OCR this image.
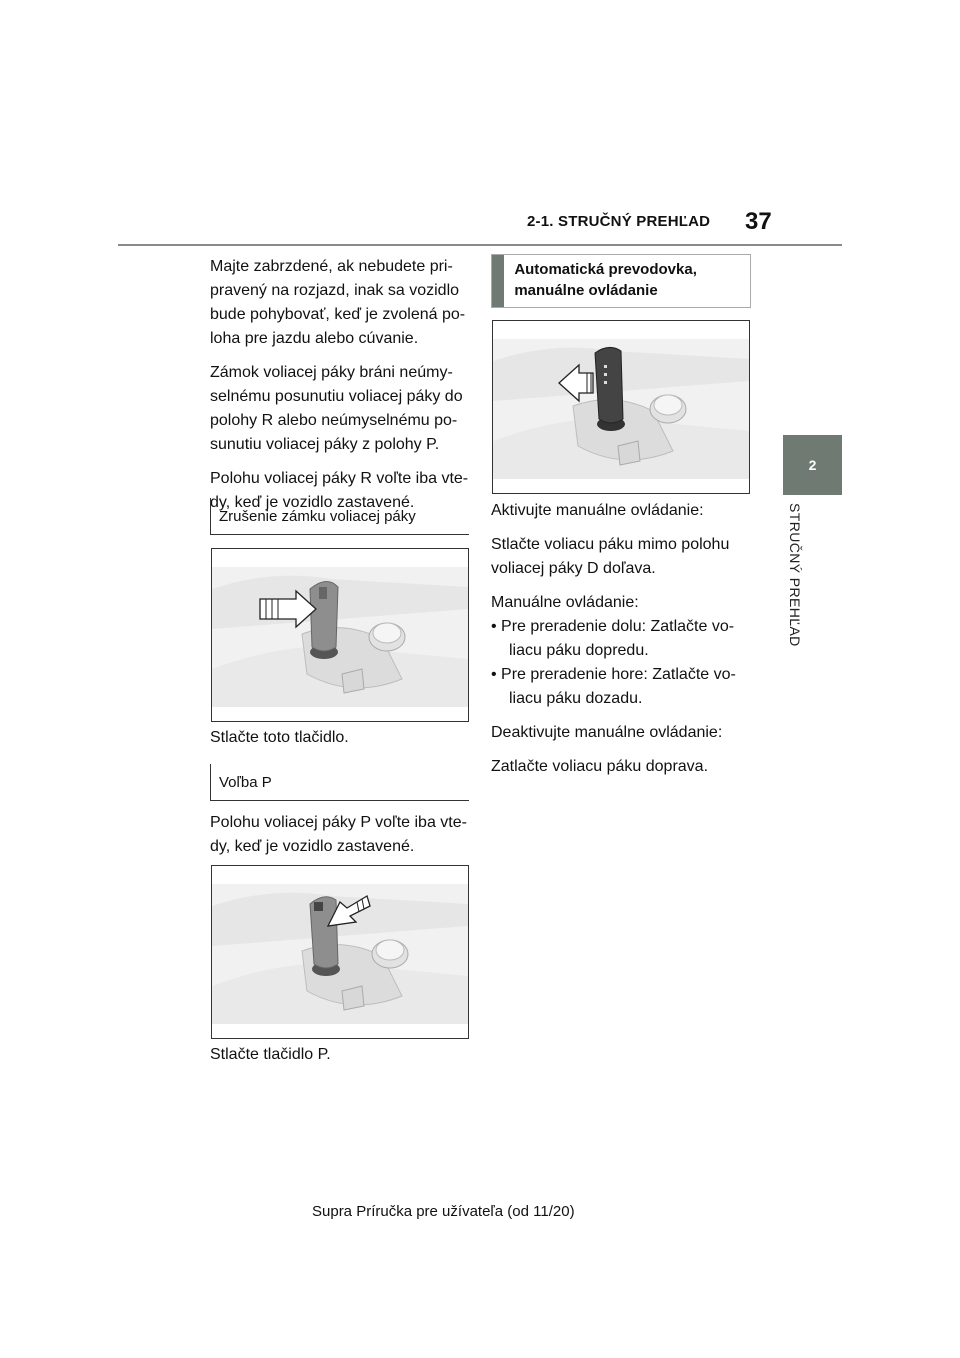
2-1. STRUČNÝ PREHĽAD 37
2
STRUČNÝ PREHĽAD

Majte zabrzdené, ak nebudete pri-pravený na rozjazd, inak sa vozidlo bude pohybovať, keď je zvolená po-loha pre jazdu alebo cúvanie.

Zámok voliacej páky bráni neúmy-selnému posunutiu voliacej páky do polohy R alebo neúmyselnému po-sunutiu voliacej páky z polohy P.

Polohu voliacej páky R voľte iba vte-dy, keď je vozidlo zastavené.

Zrušenie zámku voliacej páky
Stlačte toto tlačidlo.
Voľba P
Polohu voliacej páky P voľte iba vte-dy, keď je vozidlo zastavené.
Stlačte tlačidlo P.
Automatická prevodovka, manuálne ovládanie

Aktivujte manuálne ovládanie:

Stlačte voliacu páku mimo polohu voliacej páky D doľava.

Manuálne ovládanie:

• Pre preradenie dolu: Zatlačte vo-liacu páku dopredu.

• Pre preradenie hore: Zatlačte vo-liacu páku dozadu.

Deaktivujte manuálne ovládanie:

Zatlačte voliacu páku doprava.

Supra Príručka pre užívateľa (od 11/20)
